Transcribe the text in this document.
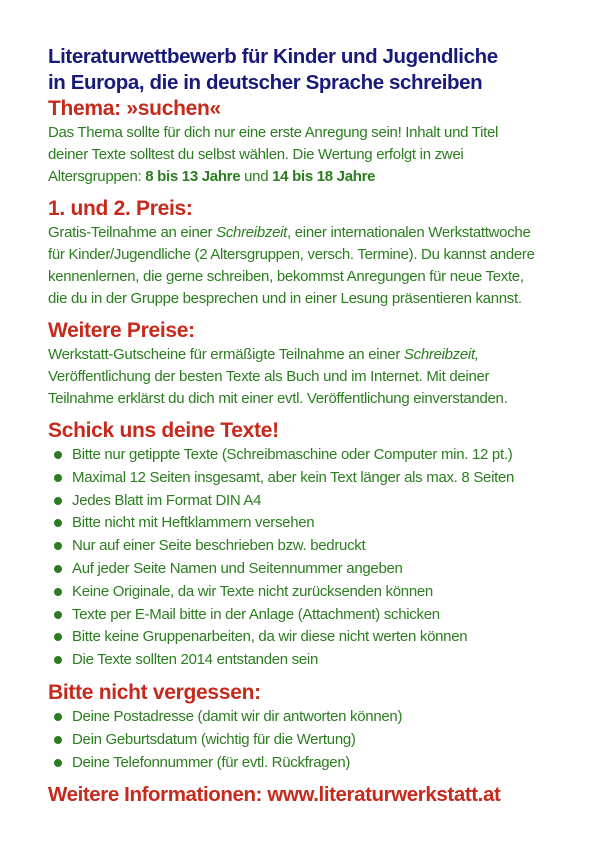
Literaturwettbewerb für Kinder und Jugendliche
in Europa, die in deutscher Sprache schreiben
Thema: »suchen«

Das Thema sollte für dich nur eine erste Anregung sein! Inhalt und Titel
deiner Texte solltest du selbst wählen. Die Wertung erfolgt in zwei
Altersgruppen: 8 bis 13 Jahre und 14 bis 18 Jahre

1. und 2. Preis:

Gratis-Teilnahme an einer Schreibzeit, einer internationalen Werkstattwoche
für Kinder/Jugendliche (2 Altersgruppen, versch. Termine). Du kannst andere
kennenlernen, die gerne schreiben, bekommst Anregungen für neue Texte,
die du in der Gruppe besprechen und in einer Lesung präsentieren kannst.

Weitere Preise:

Werkstatt-Gutscheine für ermäßigte Teilnahme an einer Schreibzeit,
Veröffentlichung der besten Texte als Buch und im Internet. Mit deiner
Teilnahme erklärst du dich mit einer evtl. Veröffentlichung einverstanden.

Schick uns deine Texte!
Bitte nur getippte Texte (Schreibmaschine oder Computer min. 12 pt.)
Maximal 12 Seiten insgesamt, aber kein Text länger als max. 8 Seiten
Jedes Blatt im Format DIN A4
Bitte nicht mit Heftklammern versehen
Nur auf einer Seite beschrieben bzw. bedruckt
Auf jeder Seite Namen und Seitennummer angeben
Keine Originale, da wir Texte nicht zurücksenden können
Texte per E-Mail bitte in der Anlage (Attachment) schicken
Bitte keine Gruppenarbeiten, da wir diese nicht werten können
Die Texte sollten 2014 entstanden sein
Bitte nicht vergessen:
Deine Postadresse (damit wir dir antworten können)
Dein Geburtsdatum (wichtig für die Wertung)
Deine Telefonnummer (für evtl. Rückfragen)

Weitere Informationen: www.literaturwerkstatt.at
